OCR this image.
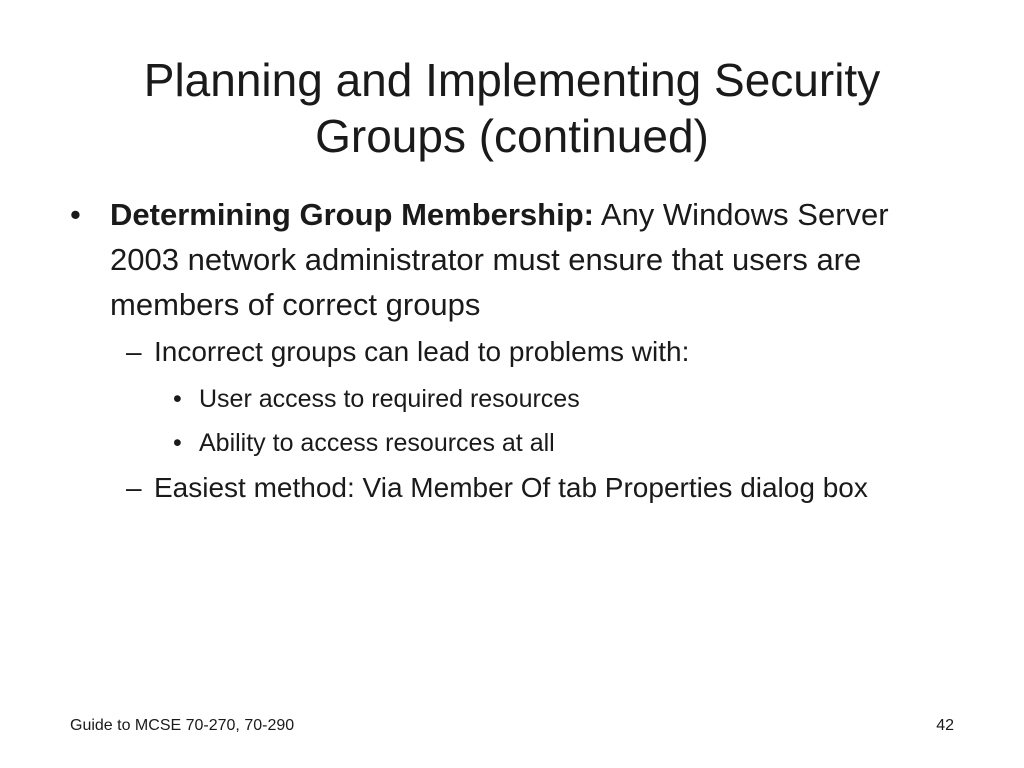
Planning and Implementing Security
Groups (continued)
• Determining Group Membership: Any Windows Server 2003 network administrator must ensure that users are members of correct groups
– Incorrect groups can lead to problems with:
• User access to required resources
• Ability to access resources at all
– Easiest method: Via Member Of tab Properties dialog box
Guide to MCSE 70-270, 70-290	42
